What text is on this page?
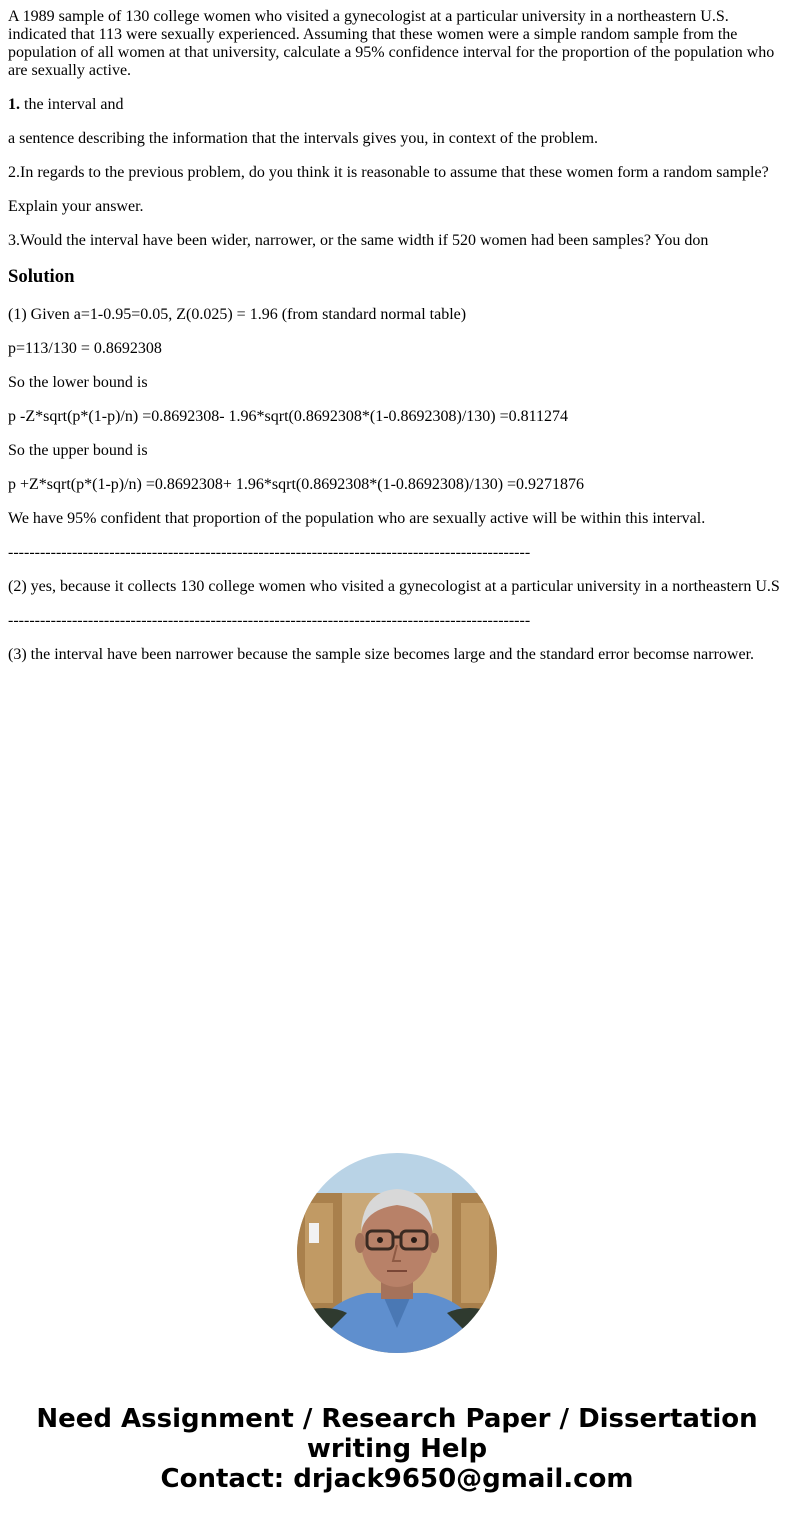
A 1989 sample of 130 college women who visited a gynecologist at a particular university in a northeastern U.S. indicated that 113 were sexually experienced. Assuming that these women were a simple random sample from the population of all women at that university, calculate a 95% confidence interval for the proportion of the population who are sexually active.

1. the interval and

a sentence describing the information that the intervals gives you, in context of the problem.

2.In regards to the previous problem, do you think it is reasonable to assume that these women form a random sample?

Explain your answer.

3.Would the interval have been wider, narrower, or the same width if 520 women had been samples? You don

Solution

(1) Given a=1-0.95=0.05, Z(0.025) = 1.96 (from standard normal table)

p=113/130 = 0.8692308

So the lower bound is

p -Z*sqrt(p*(1-p)/n) =0.8692308- 1.96*sqrt(0.8692308*(1-0.8692308)/130) =0.811274

So the upper bound is

p +Z*sqrt(p*(1-p)/n) =0.8692308+ 1.96*sqrt(0.8692308*(1-0.8692308)/130) =0.9271876

We have 95% confident that proportion of the population who are sexually active will be within this interval.

--------------------------------------------------------------------------------------------------

(2) yes, because it collects 130 college women who visited a gynecologist at a particular university in a northeastern U.S

--------------------------------------------------------------------------------------------------

(3) the interval have been narrower because the sample size becomes large and the standard error becomse narrower.

Need Assignment / Research Paper / Dissertation
writing Help
Contact: drjack9650@gmail.com
